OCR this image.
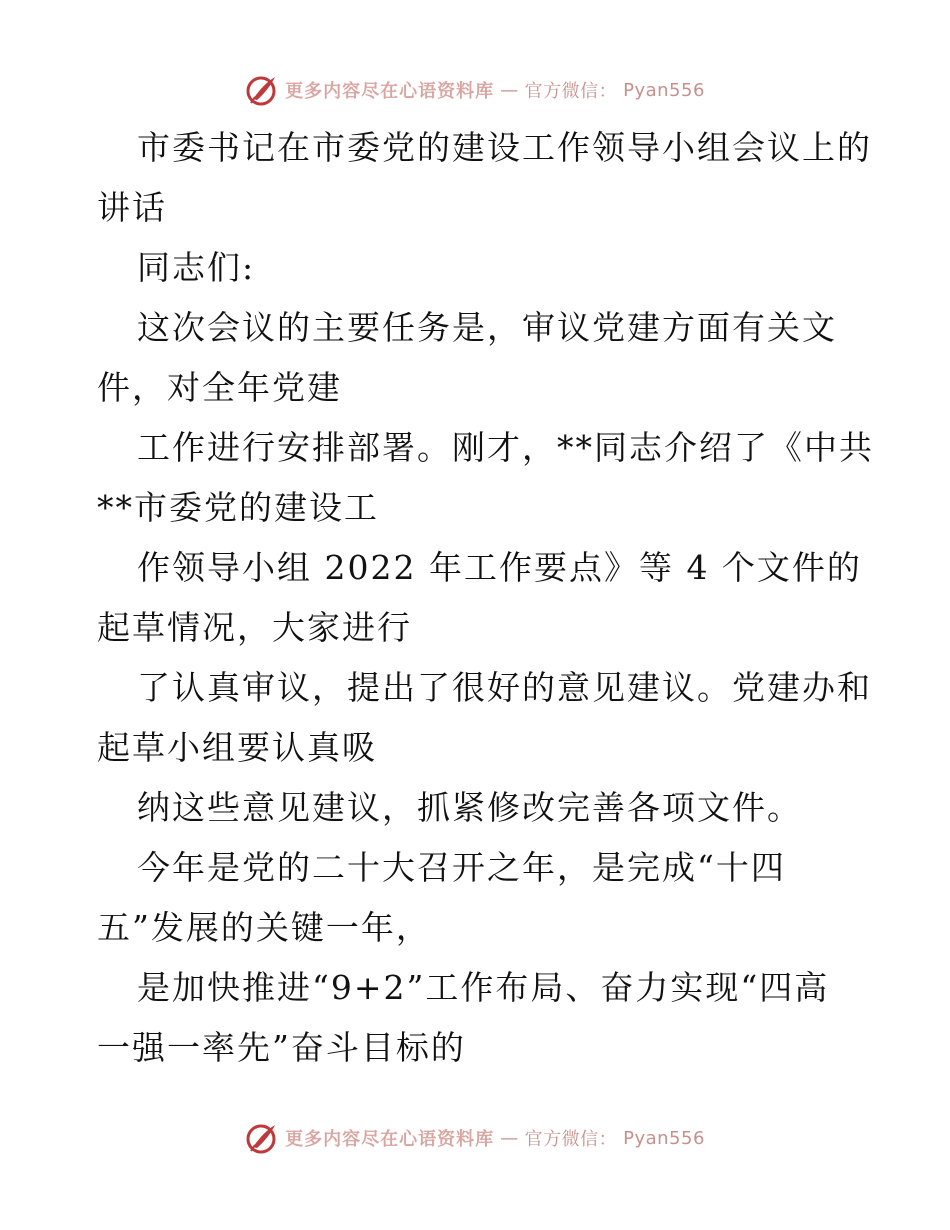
更多内容尽在心语资料库 — 官方微信： Pyan556
市委书记在市委党的建设工作领导小组会议上的
讲话
同志们:
这次会议的主要任务是，审议党建方面有关文
件，对全年党建
工作进行安排部署。刚才，**同志介绍了《中共
**市委党的建设工
作领导小组 2022 年工作要点》等 4 个文件的
起草情况，大家进行
了认真审议，提出了很好的意见建议。党建办和
起草小组要认真吸
纳这些意见建议，抓紧修改完善各项文件。
今年是党的二十大召开之年，是完成“十四
五”发展的关键一年，
是加快推进“9+2”工作布局、奋力实现“四高
一强一率先”奋斗目标的
更多内容尽在心语资料库 — 官方微信： Pyan556
